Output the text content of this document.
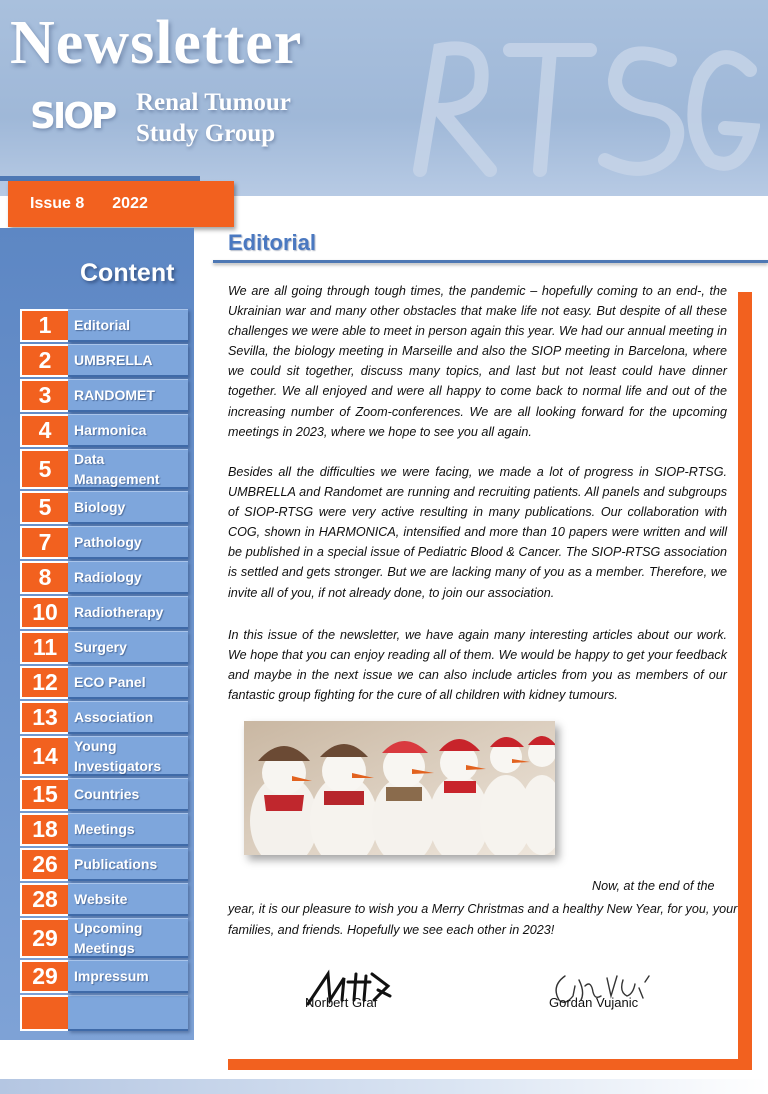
Newsletter
SIOP Renal Tumour
Study Group
Issue 8 2022
Content
1	Editorial
2	UMBRELLA
3	RANDOMET
4	Harmonica
5	Data Management
5	Biology
7	Pathology
8	Radiology
10	Radiotherapy
11	Surgery
12	ECO Panel
13	Association
14	Young Investigators
15	Countries
18	Meetings
26	Publications
28	Website
29	Upcoming Meetings
29	Impressum
Editorial

We are all going through tough times, the pandemic – hopefully coming to an end-, the Ukrainian war and many other obstacles that make life not easy. But despite of all these challenges we were able to meet in person again this year. We had our annual meeting in Sevilla, the biology meeting in Marseille and also the SIOP meeting in Barcelona, where we could sit together, discuss many topics, and last but not least could have dinner together. We all enjoyed and were all happy to come back to normal life and out of the increasing number of Zoom-conferences. We are all looking forward for the upcoming meetings in 2023, where we hope to see you all again.

Besides all the difficulties we were facing, we made a lot of progress in SIOP-RTSG. UMBRELLA and Randomet are running and recruiting patients. All panels and subgroups of SIOP-RTSG were very active resulting in many publications. Our collaboration with COG, shown in HARMONICA, intensified and more than 10 papers were written and will be published in a special issue of Pediatric Blood & Cancer. The SIOP-RTSG association is settled and gets stronger. But we are lacking many of you as a member. Therefore, we invite all of you, if not already done, to join our association.

In this issue of the newsletter, we have again many interesting articles about our work. We hope that you can enjoy reading all of them. We would be happy to get your feedback and maybe in the next issue we can also include articles from you as members of our fantastic group fighting for the cure of all children with kidney tumours.

Now, at the end of the
year, it is our pleasure to wish you a Merry Christmas and a healthy New Year, for you, your families, and friends. Hopefully we see each other in 2023!
Norbert Graf	Gordan Vujanic
